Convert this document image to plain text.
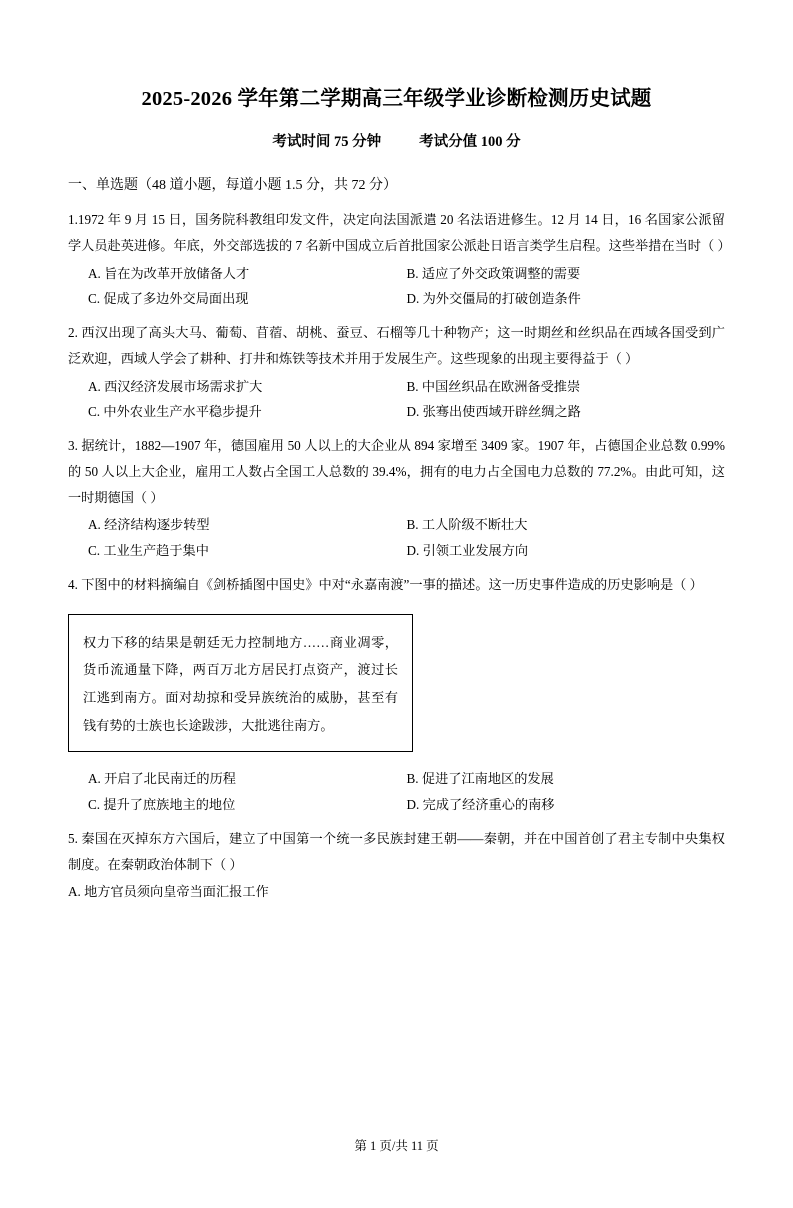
2025-2026 学年第二学期高三年级学业诊断检测历史试题
考试时间 75 分钟	考试分值 100 分
一、单选题（48 道小题，每道小题 1.5 分，共 72 分）
1.1972 年 9 月 15 日，国务院科教组印发文件，决定向法国派遣 20 名法语进修生。12 月 14 日，16 名国家公派留学人员赴英进修。年底，外交部选拔的 7 名新中国成立后首批国家公派赴日语言类学生启程。这些举措在当时（ ）
A. 旨在为改革开放储备人才	B. 适应了外交政策调整的需要
C. 促成了多边外交局面出现	D. 为外交僵局的打破创造条件
2. 西汉出现了高头大马、葡萄、苜蓿、胡桃、蚕豆、石榴等几十种物产；这一时期丝和丝织品在西域各国受到广泛欢迎，西域人学会了耕种、打井和炼铁等技术并用于发展生产。这些现象的出现主要得益于（ ）
A. 西汉经济发展市场需求扩大	B. 中国丝织品在欧洲备受推崇
C. 中外农业生产水平稳步提升	D. 张骞出使西域开辟丝绸之路
3. 据统计，1882—1907 年，德国雇用 50 人以上的大企业从 894 家增至 3409 家。1907 年，占德国企业总数 0.99%的 50 人以上大企业，雇用工人数占全国工人总数的 39.4%，拥有的电力占全国电力总数的 77.2%。由此可知，这一时期德国（ ）
A. 经济结构逐步转型	B. 工人阶级不断壮大
C. 工业生产趋于集中	D. 引领工业发展方向
4. 下图中的材料摘编自《剑桥插图中国史》中对“永嘉南渡”一事的描述。这一历史事件造成的历史影响是（ ）
权力下移的结果是朝廷无力控制地方……商业凋零，货币流通量下降，两百万北方居民打点资产，渡过长江逃到南方。面对劫掠和受异族统治的威胁，甚至有钱有势的士族也长途跋涉，大批逃往南方。
A. 开启了北民南迁的历程	B. 促进了江南地区的发展
C. 提升了庶族地主的地位	D. 完成了经济重心的南移
5. 秦国在灭掉东方六国后，建立了中国第一个统一多民族封建王朝——秦朝，并在中国首创了君主专制中央集权制度。在秦朝政治体制下（ ）
A. 地方官员须向皇帝当面汇报工作
第 1 页/共 11 页
